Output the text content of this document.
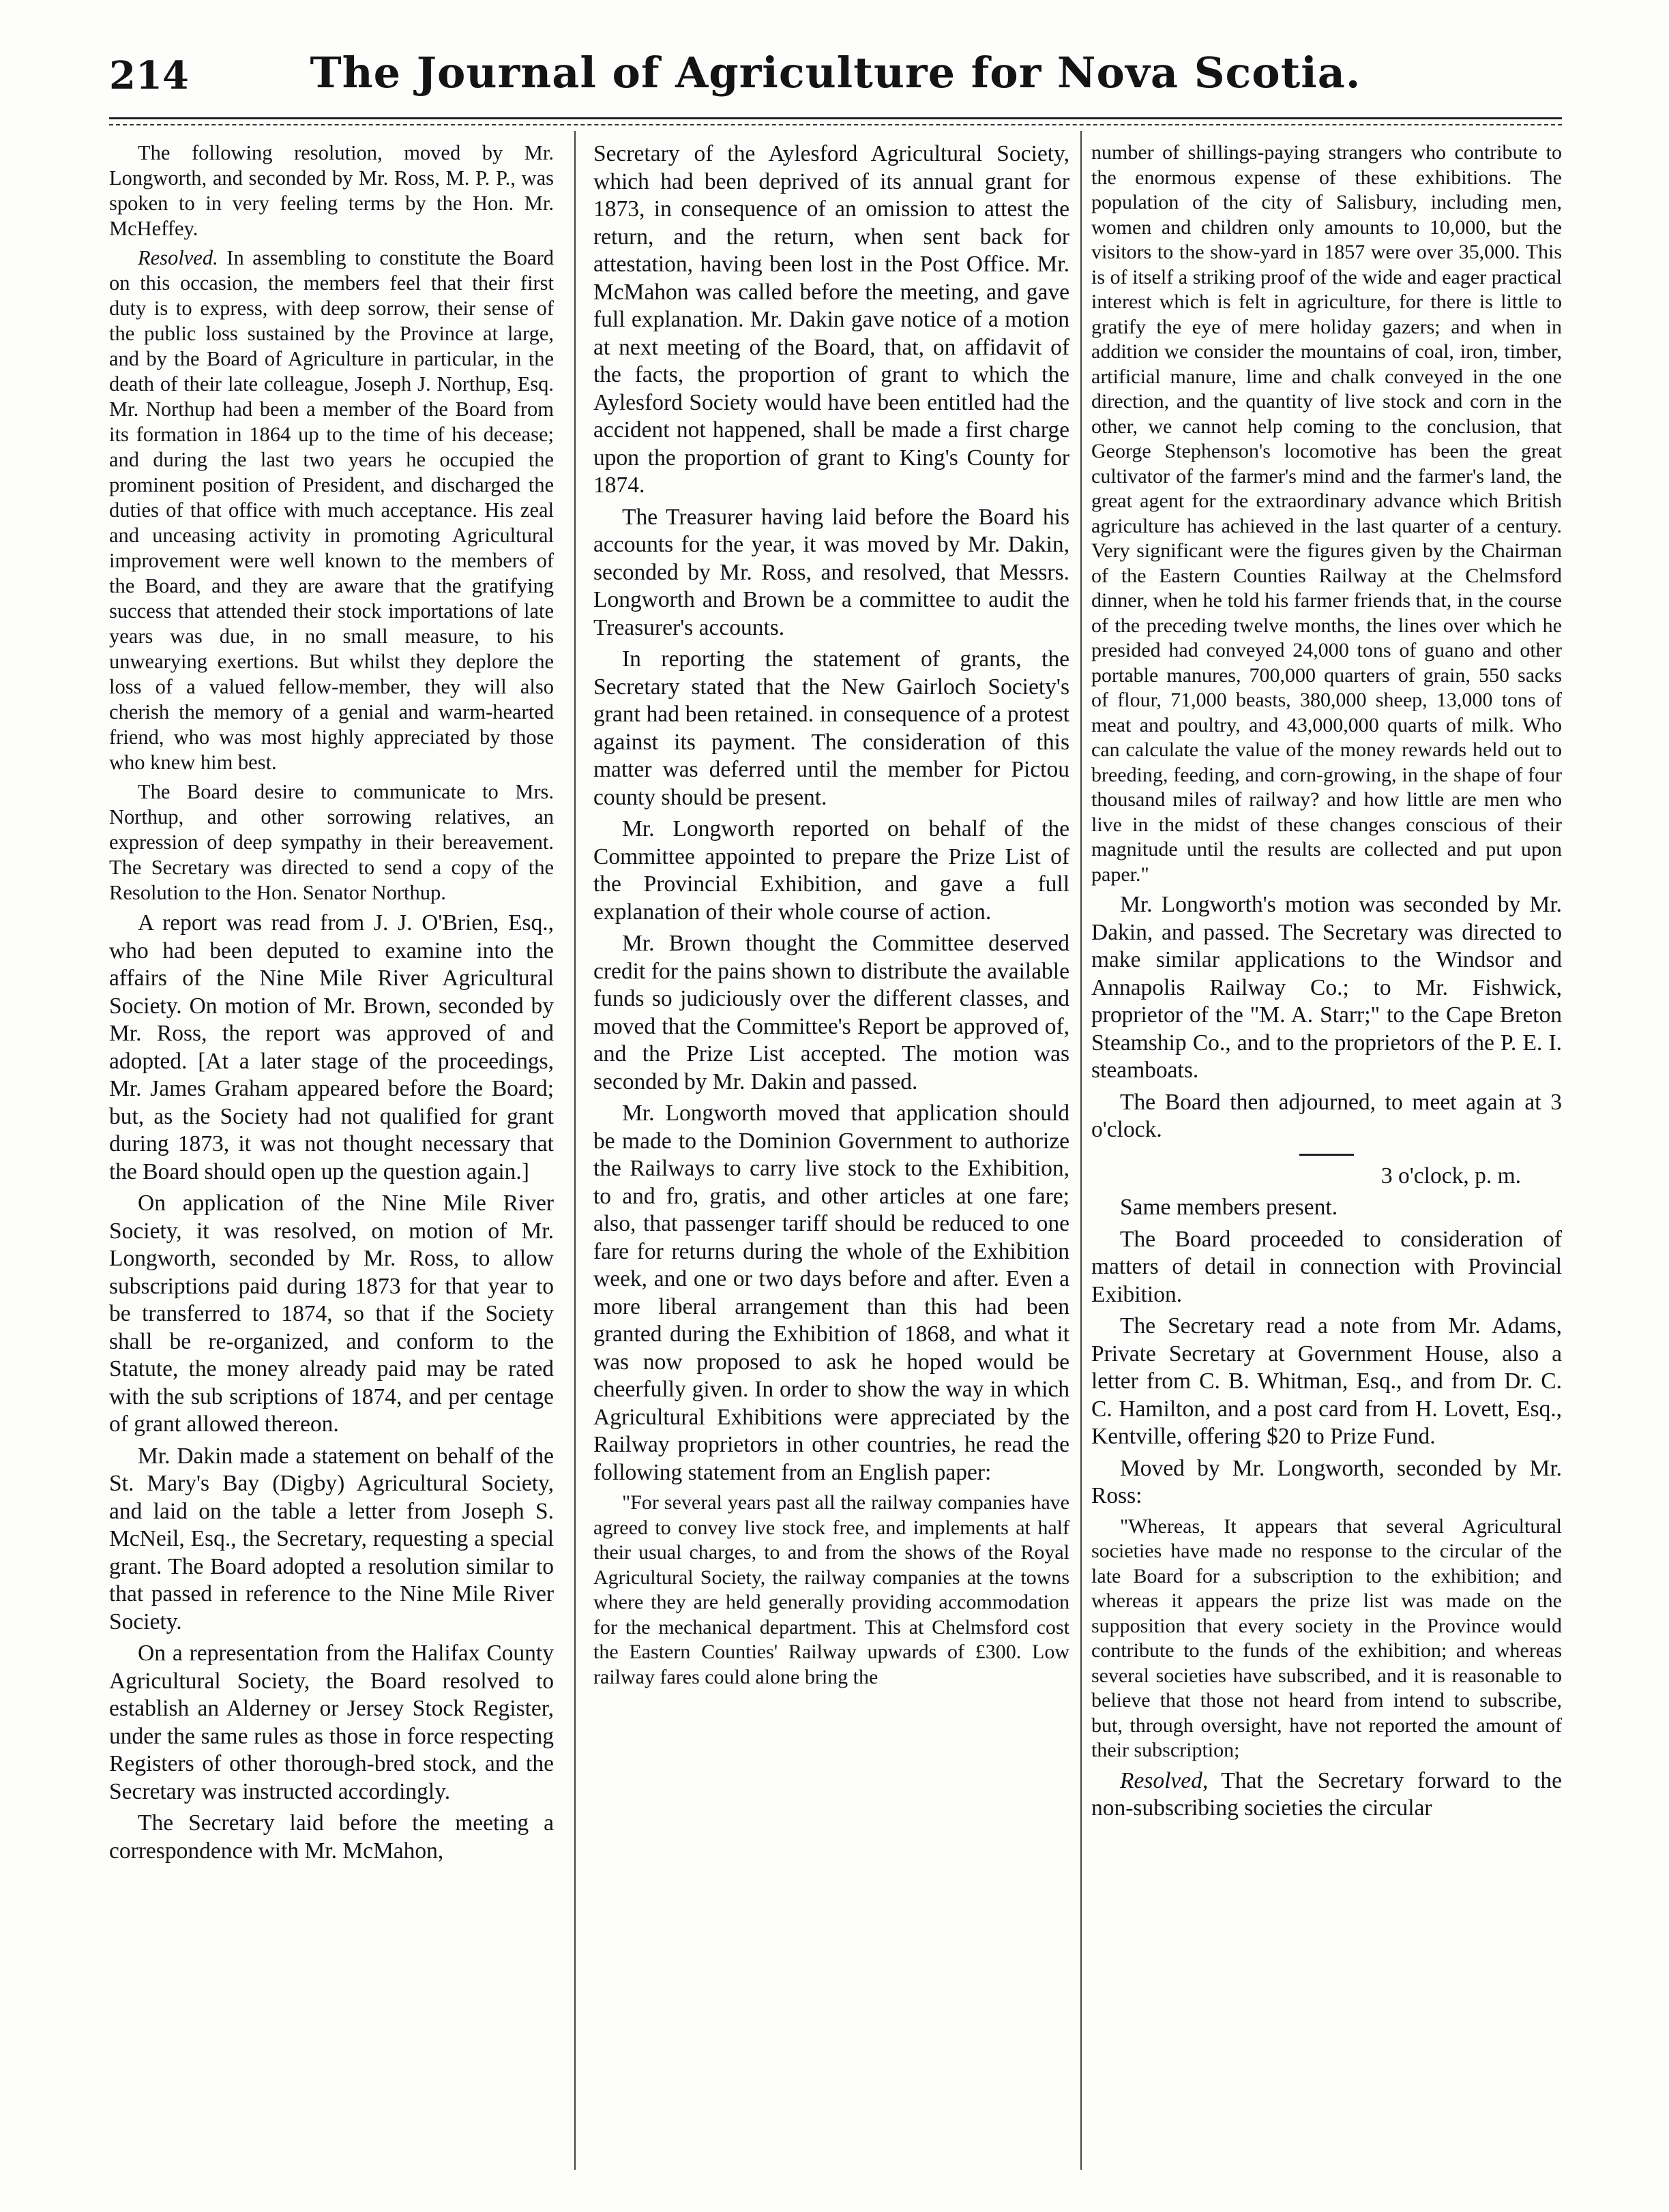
214	The Journal of Agriculture for Nova Scotia.

The following resolution, moved by Mr. Longworth, and seconded by Mr. Ross, M. P. P., was spoken to in very feeling terms by the Hon. Mr. McHeffey.

Resolved. In assembling to constitute the Board on this occasion, the members feel that their first duty is to express, with deep sorrow, their sense of the public loss sustained by the Province at large, and by the Board of Agriculture in particular, in the death of their late colleague, Joseph J. Northup, Esq. Mr. Northup had been a member of the Board from its formation in 1864 up to the time of his decease; and during the last two years he occupied the prominent position of President, and discharged the duties of that office with much acceptance. His zeal and unceasing activity in promoting Agricultural improvement were well known to the members of the Board, and they are aware that the gratifying success that attended their stock importations of late years was due, in no small measure, to his unwearying exertions. But whilst they deplore the loss of a valued fellow-member, they will also cherish the memory of a genial and warm-hearted friend, who was most highly appreciated by those who knew him best.

The Board desire to communicate to Mrs. Northup, and other sorrowing relatives, an expression of deep sympathy in their bereavement. The Secretary was directed to send a copy of the Resolution to the Hon. Senator Northup.

A report was read from J. J. O'Brien, Esq., who had been deputed to examine into the affairs of the Nine Mile River Agricultural Society. On motion of Mr. Brown, seconded by Mr. Ross, the report was approved of and adopted. [At a later stage of the proceedings, Mr. James Graham appeared before the Board; but, as the Society had not qualified for grant during 1873, it was not thought necessary that the Board should open up the question again.]

On application of the Nine Mile River Society, it was resolved, on motion of Mr. Longworth, seconded by Mr. Ross, to allow subscriptions paid during 1873 for that year to be transferred to 1874, so that if the Society shall be re-organized, and conform to the Statute, the money already paid may be rated with the sub scriptions of 1874, and per centage of grant allowed thereon.

Mr. Dakin made a statement on behalf of the St. Mary's Bay (Digby) Agricultural Society, and laid on the table a letter from Joseph S. McNeil, Esq., the Secretary, requesting a special grant. The Board adopted a resolution similar to that passed in reference to the Nine Mile River Society.

On a representation from the Halifax County Agricultural Society, the Board resolved to establish an Alderney or Jersey Stock Register, under the same rules as those in force respecting Registers of other thorough-bred stock, and the Secretary was instructed accordingly.

The Secretary laid before the meeting a correspondence with Mr. McMahon,

Secretary of the Aylesford Agricultural Society, which had been deprived of its annual grant for 1873, in consequence of an omission to attest the return, and the return, when sent back for attestation, having been lost in the Post Office. Mr. McMahon was called before the meeting, and gave full explanation. Mr. Dakin gave notice of a motion at next meeting of the Board, that, on affidavit of the facts, the proportion of grant to which the Aylesford Society would have been entitled had the accident not happened, shall be made a first charge upon the proportion of grant to King's County for 1874.

The Treasurer having laid before the Board his accounts for the year, it was moved by Mr. Dakin, seconded by Mr. Ross, and resolved, that Messrs. Longworth and Brown be a committee to audit the Treasurer's accounts.

In reporting the statement of grants, the Secretary stated that the New Gairloch Society's grant had been retained. in consequence of a protest against its payment. The consideration of this matter was deferred until the member for Pictou county should be present.

Mr. Longworth reported on behalf of the Committee appointed to prepare the Prize List of the Provincial Exhibition, and gave a full explanation of their whole course of action.

Mr. Brown thought the Committee deserved credit for the pains shown to distribute the available funds so judiciously over the different classes, and moved that the Committee's Report be approved of, and the Prize List accepted. The motion was seconded by Mr. Dakin and passed.

Mr. Longworth moved that application should be made to the Dominion Government to authorize the Railways to carry live stock to the Exhibition, to and fro, gratis, and other articles at one fare; also, that passenger tariff should be reduced to one fare for returns during the whole of the Exhibition week, and one or two days before and after. Even a more liberal arrangement than this had been granted during the Exhibition of 1868, and what it was now proposed to ask he hoped would be cheerfully given. In order to show the way in which Agricultural Exhibitions were appreciated by the Railway proprietors in other countries, he read the following statement from an English paper:

"For several years past all the railway companies have agreed to convey live stock free, and implements at half their usual charges, to and from the shows of the Royal Agricultural Society, the railway companies at the towns where they are held generally providing accommodation for the mechanical department. This at Chelmsford cost the Eastern Counties' Railway upwards of £300. Low railway fares could alone bring the

number of shillings-paying strangers who contribute to the enormous expense of these exhibitions. The population of the city of Salisbury, including men, women and children only amounts to 10,000, but the visitors to the show-yard in 1857 were over 35,000. This is of itself a striking proof of the wide and eager practical interest which is felt in agriculture, for there is little to gratify the eye of mere holiday gazers; and when in addition we consider the mountains of coal, iron, timber, artificial manure, lime and chalk conveyed in the one direction, and the quantity of live stock and corn in the other, we cannot help coming to the conclusion, that George Stephenson's locomotive has been the great cultivator of the farmer's mind and the farmer's land, the great agent for the extraordinary advance which British agriculture has achieved in the last quarter of a century. Very significant were the figures given by the Chairman of the Eastern Counties Railway at the Chelmsford dinner, when he told his farmer friends that, in the course of the preceding twelve months, the lines over which he presided had conveyed 24,000 tons of guano and other portable manures, 700,000 quarters of grain, 550 sacks of flour, 71,000 beasts, 380,000 sheep, 13,000 tons of meat and poultry, and 43,000,000 quarts of milk. Who can calculate the value of the money rewards held out to breeding, feeding, and corn-growing, in the shape of four thousand miles of railway? and how little are men who live in the midst of these changes conscious of their magnitude until the results are collected and put upon paper."

Mr. Longworth's motion was seconded by Mr. Dakin, and passed. The Secretary was directed to make similar applications to the Windsor and Annapolis Railway Co.; to Mr. Fishwick, proprietor of the "M. A. Starr;" to the Cape Breton Steamship Co., and to the proprietors of the P. E. I. steamboats.

The Board then adjourned, to meet again at 3 o'clock.

3 o'clock, p. m.

Same members present.

The Board proceeded to consideration of matters of detail in connection with Provincial Exibition.

The Secretary read a note from Mr. Adams, Private Secretary at Government House, also a letter from C. B. Whitman, Esq., and from Dr. C. C. Hamilton, and a post card from H. Lovett, Esq., Kentville, offering $20 to Prize Fund.

Moved by Mr. Longworth, seconded by Mr. Ross:

"Whereas, It appears that several Agricultural societies have made no response to the circular of the late Board for a subscription to the exhibition; and whereas it appears the prize list was made on the supposition that every society in the Province would contribute to the funds of the exhibition; and whereas several societies have subscribed, and it is reasonable to believe that those not heard from intend to subscribe, but, through oversight, have not reported the amount of their subscription;

Resolved, That the Secretary forward to the non-subscribing societies the circular
